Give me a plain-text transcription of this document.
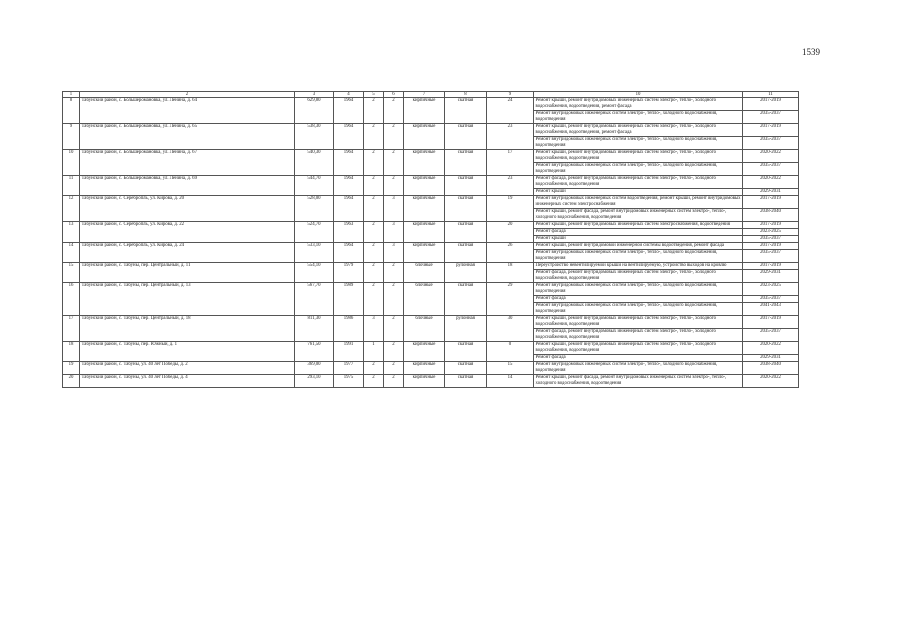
1539
1	2	3	4	5	6	7	8	9	10	11
8	Табунский район, с. Большеромановка, ул. Ленина, д. 64	629,80	1964	2	2	кирпичные	скатная	24	Ремонт крыши, ремонт внутридомовых инженерных систем электро-, тепло-, холодного водоснабжения, водоотведения, ремонт фасада	2017-2019
									Ремонт внутридомовых инженерных систем электро-, тепло-, холодного водоснабжения, водоотведения	2035-2037
9	Табунский район, с. Большеромановка, ул. Ленина, д. 65	538,30	1964	2	2	кирпичные	скатная	23	Ремонт крыши, ремонт внутридомовых инженерных систем электро-, тепло-, холодного водоснабжения, водоотведения, ремонт фасада	2017-2019
									Ремонт внутридомовых инженерных систем электро-, тепло-, холодного водоснабжения, водоотведения	2035-2037
10	Табунский район, с. Большеромановка, ул. Ленина, д. 67	540,30	1964	2	2	кирпичные	скатная	17	Ремонт крыши, ремонт внутридомовых инженерных систем электро-, тепло-, холодного водоснабжения, водоотведения	2020-2022
									Ремонт внутридомовых инженерных систем электро-, тепло-, холодного водоснабжения, водоотведения	2035-2037
11	Табунский район, с. Большеромановка, ул. Ленина, д. 69	544,70	1964	2	2	кирпичные	скатная	23	Ремонт фасада, ремонт внутридомовых инженерных систем электро-, тепло-, холодного водоснабжения, водоотведения	2020-2022
									Ремонт крыши	2029-2031
12	Табунский район, с. Серебропль, ул. Кирова, д. 20	528,00	1964	2	3	кирпичные	скатная	19	Ремонт внутридомовых инженерных систем водоотведения, ремонт крыши, ремонт внутридомовых инженерных систем электроснабжения	2017-2019
									Ремонт крыши, ремонт фасада, ремонт внутридомовых инженерных систем электро-, тепло-, холодного водоснабжения, водоотведения	2038-2040
13	Табунский район, с. Серебропль, ул. Кирова, д. 22	524,70	1963	2	3	кирпичные	скатная	20	Ремонт крыши, ремонт внутридомовых инженерных систем электроснабжения, водоотведения	2017-2019
									Ремонт фасада	2023-2025
									Ремонт крыши	2035-2037
14	Табунский район, с. Серебропль, ул. Кирова, д. 24	533,10	1964	2	3	кирпичные	скатная	26	Ремонт крыши, ремонт внутридомовой инженерной системы водоотведения, ремонт фасада	2017-2019
									Ремонт внутридомовых инженерных систем электро-, тепло-, холодного водоснабжения, водоотведения	2035-2037
15	Табунский район, с. Табуны, пер. Центральный, д. 11	554,10	1979	2	2	блочные	рулонная	18	Переустройство невентилируемой крыши на вентилируемую, устройство выходов на кровлю	2017-2019
									Ремонт фасада, ремонт внутридомовых инженерных систем электро-, тепло-, холодного водоснабжения, водоотведения	2029-2031
16	Табунский район, с. Табуны, пер. Центральный, д. 13	567,70	1989	2	2	блочные	скатная	29	Ремонт внутридомовых инженерных систем электро-, тепло-, холодного водоснабжения, водоотведения	2023-2025
									Ремонт фасада	2035-2037
									Ремонт внутридомовых инженерных систем электро-, тепло-, холодного водоснабжения, водоотведения	2041-2043
17	Табунский район, с. Табуны, пер. Центральный, д. 18	811,30	1986	3	2	блочные	рулонная	30	Ремонт крыши, ремонт внутридомовых инженерных систем электро-, тепло-, холодного водоснабжения, водоотведения	2017-2019
									Ремонт фасада, ремонт внутридомовых инженерных систем электро-, тепло-, холодного водоснабжения, водоотведения	2035-2037
18	Табунский район, с. Табуны, пер. Южный, д. 1	761,50	1991	1	2	кирпичные	скатная	0	Ремонт крыши, ремонт внутридомовых инженерных систем электро-, тепло-, холодного водоснабжения, водоотведения	2020-2022
									Ремонт фасада	2029-2031
19	Табунский район, с. Табуны, ул. 40 лет Победы, д. 2	369,00	1977	2	2	кирпичные	скатная	15	Ремонт внутридомовых инженерных систем электро-, тепло-, холодного водоснабжения, водоотведения	2038-2040
20	Табунский район, с. Табуны, ул. 40 лет Победы, д. 4	293,10	1975	2	2	кирпичные	скатная	14	Ремонт крыши, ремонт фасада, ремонт внутридомовых инженерных систем электро-, тепло-, холодного водоснабжения, водоотведения	2020-2022
